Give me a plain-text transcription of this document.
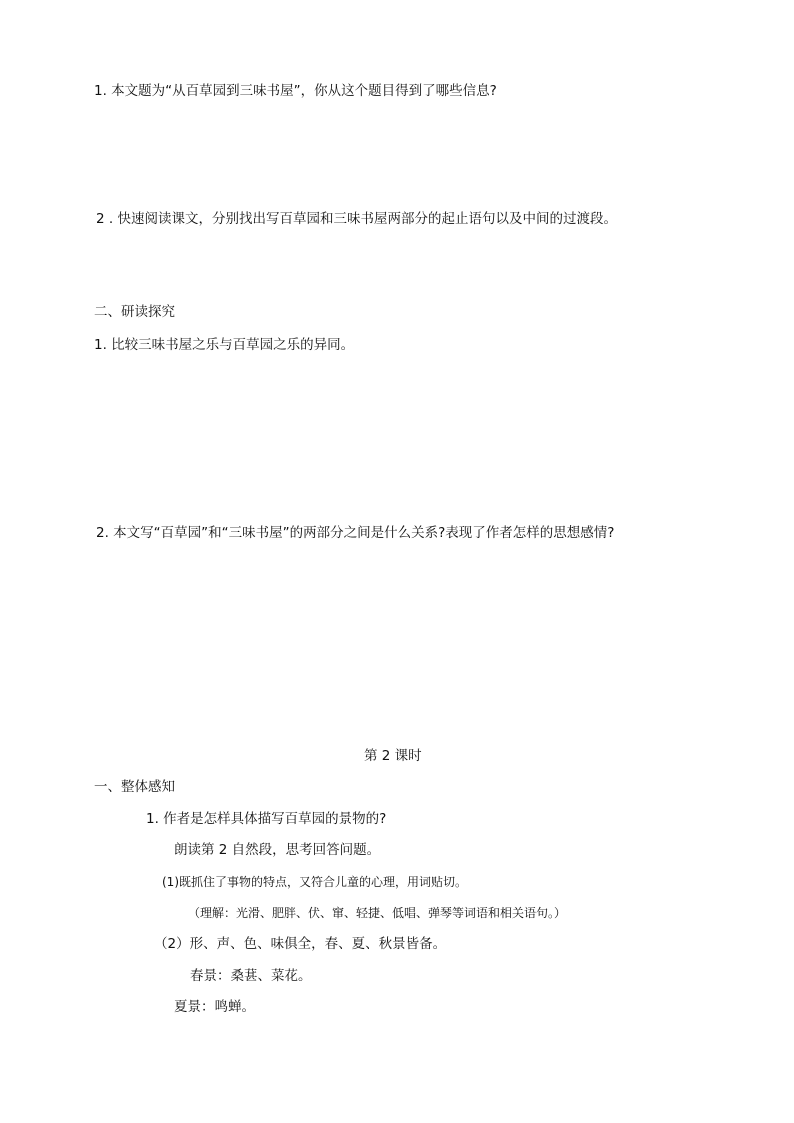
1. 本文题为“从百草园到三味书屋”，你从这个题目得到了哪些信息?
2 . 快速阅读课文，分别找出写百草园和三味书屋两部分的起止语句以及中间的过渡段。
二、研读探究
1. 比较三味书屋之乐与百草园之乐的异同。
2. 本文写“百草园”和“三味书屋”的两部分之间是什么关系?表现了作者怎样的思想感情?
第 2 课时
一、整体感知
1. 作者是怎样具体描写百草园的景物的?
朗读第 2 自然段，思考回答问题。
(1)既抓住了事物的特点，又符合儿童的心理，用词贴切。
（理解：光滑、肥胖、伏、窜、轻捷、低唱、弹琴等词语和相关语句。）
（2）形、声、色、味俱全，春、夏、秋景皆备。
春景：桑葚、菜花。
夏景：鸣蝉。
